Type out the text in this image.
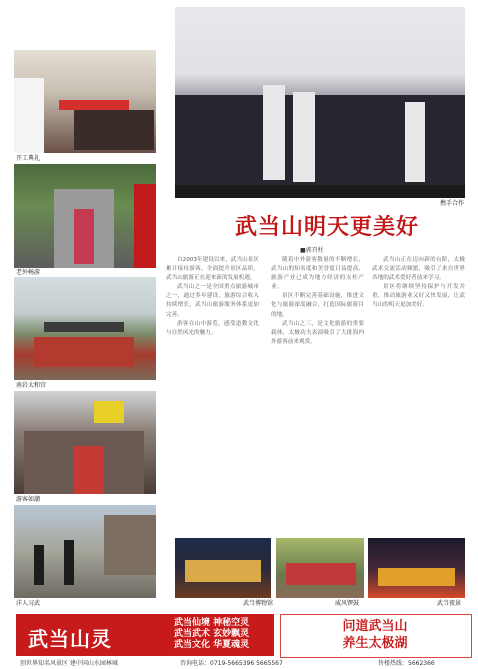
开工典礼
老外畅游
南岩太和宫
游客如潮
洋人习武
携手合作
武当山明天更美好
■郭召柱

自2003年建设以来，武当山景区累计接待游客，全面提升景区品质，武当山旅游正在迎来新的发展机遇。

武当山之一是全国重点旅游城市之一，通过多年建设，旅游综合收入持续增长，武当山旅游服务体系更加完善。

游客在山中游览，感受道教文化与自然风光的魅力。

随着中外游客数量的不断增长，武当山的知名度和美誉度日益提高，旅游产业已成为地方经济的支柱产业。

景区不断完善基础设施，推进文化与旅游深度融合，打造国际旅游目的地。

武当山之三，是文化旅游的重要载体，太极功夫表演吸引了大批海内外游客前来观赏。

武当山正在迈向新的台阶，太极武术交流活动频繁，吸引了来自世界各地的武术爱好者前来学习。

景区将继续坚持保护与开发并重，推动旅游业又好又快发展，让武当山的明天更加美好。

武当博物馆	威风锣鼓	武当夜景
武当山灵
武当仙境 神秘空灵
武当武术 玄妙飘灵
武当文化 华夏魂灵
问道武当山
养生太极湖
创世界知名风景区 建中国山水园林城	咨询电话：0719-5665396 5665567	售楼热线：5662366
